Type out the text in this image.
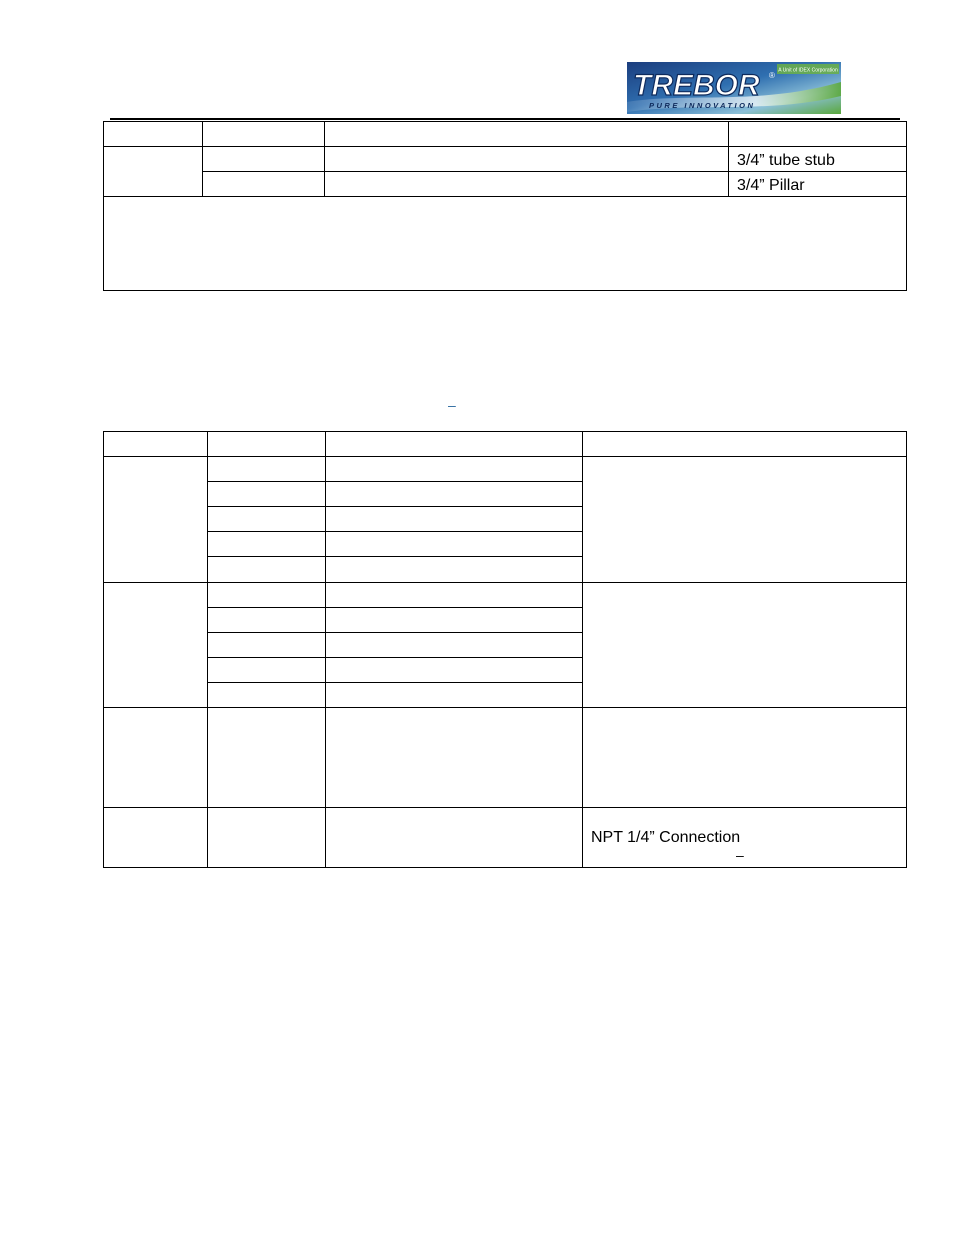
A Unit of IDEX Corporation
TREBOR ®
PURE INNOVATION
3/4” tube stub
3/4” Pillar
–
NPT 1/4” Connection
–
